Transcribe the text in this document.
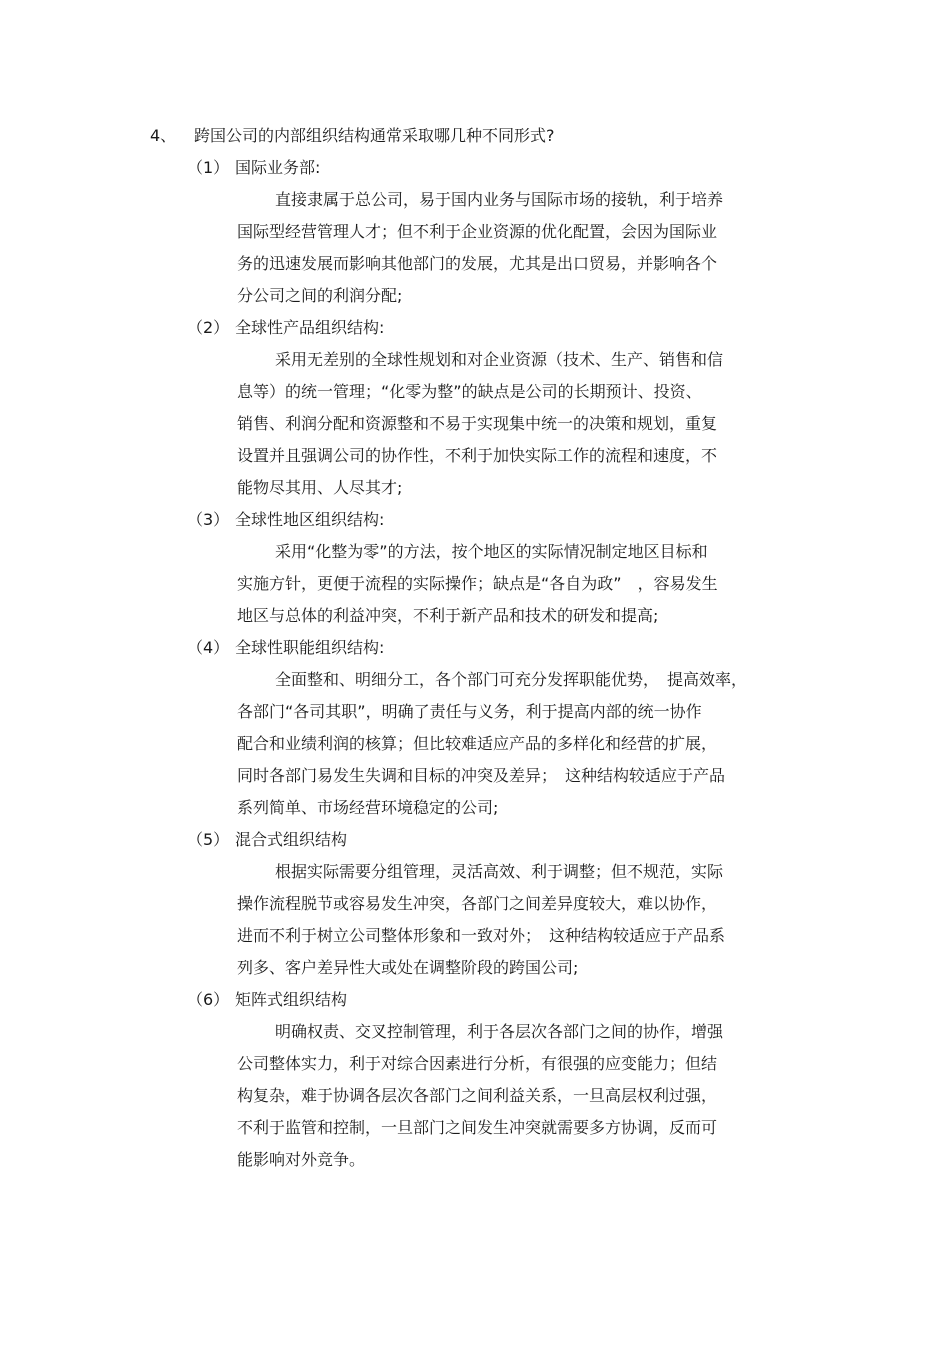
4、 跨国公司的内部组织结构通常采取哪几种不同形式?
（1） 国际业务部:
直接隶属于总公司，易于国内业务与国际市场的接轨，利于培养
国际型经营管理人才；但不利于企业资源的优化配置，会因为国际业
务的迅速发展而影响其他部门的发展，尤其是出口贸易，并影响各个
分公司之间的利润分配;
（2） 全球性产品组织结构:
采用无差别的全球性规划和对企业资源（技术、生产、销售和信
息等）的统一管理；“化零为整”的缺点是公司的长期预计、投资、
销售、利润分配和资源整和不易于实现集中统一的决策和规划，重复
设置并且强调公司的协作性，不利于加快实际工作的流程和速度，不
能物尽其用、人尽其才;
（3） 全球性地区组织结构:
采用“化整为零”的方法，按个地区的实际情况制定地区目标和
实施方针，更便于流程的实际操作；缺点是“各自为政”　，容易发生
地区与总体的利益冲突，不利于新产品和技术的研发和提高;
（4） 全球性职能组织结构:
全面整和、明细分工，各个部门可充分发挥职能优势，　提高效率，
各部门“各司其职”，明确了责任与义务，利于提高内部的统一协作
配合和业绩利润的核算；但比较难适应产品的多样化和经营的扩展，
同时各部门易发生失调和目标的冲突及差异；　这种结构较适应于产品
系列简单、市场经营环境稳定的公司;
（5） 混合式组织结构
根据实际需要分组管理，灵活高效、利于调整；但不规范，实际
操作流程脱节或容易发生冲突，各部门之间差异度较大，难以协作，
进而不利于树立公司整体形象和一致对外；　这种结构较适应于产品系
列多、客户差异性大或处在调整阶段的跨国公司;
（6） 矩阵式组织结构
明确权责、交叉控制管理，利于各层次各部门之间的协作，增强
公司整体实力，利于对综合因素进行分析，有很强的应变能力；但结
构复杂，难于协调各层次各部门之间利益关系，一旦高层权利过强，
不利于监管和控制，一旦部门之间发生冲突就需要多方协调，反而可
能影响对外竞争。
